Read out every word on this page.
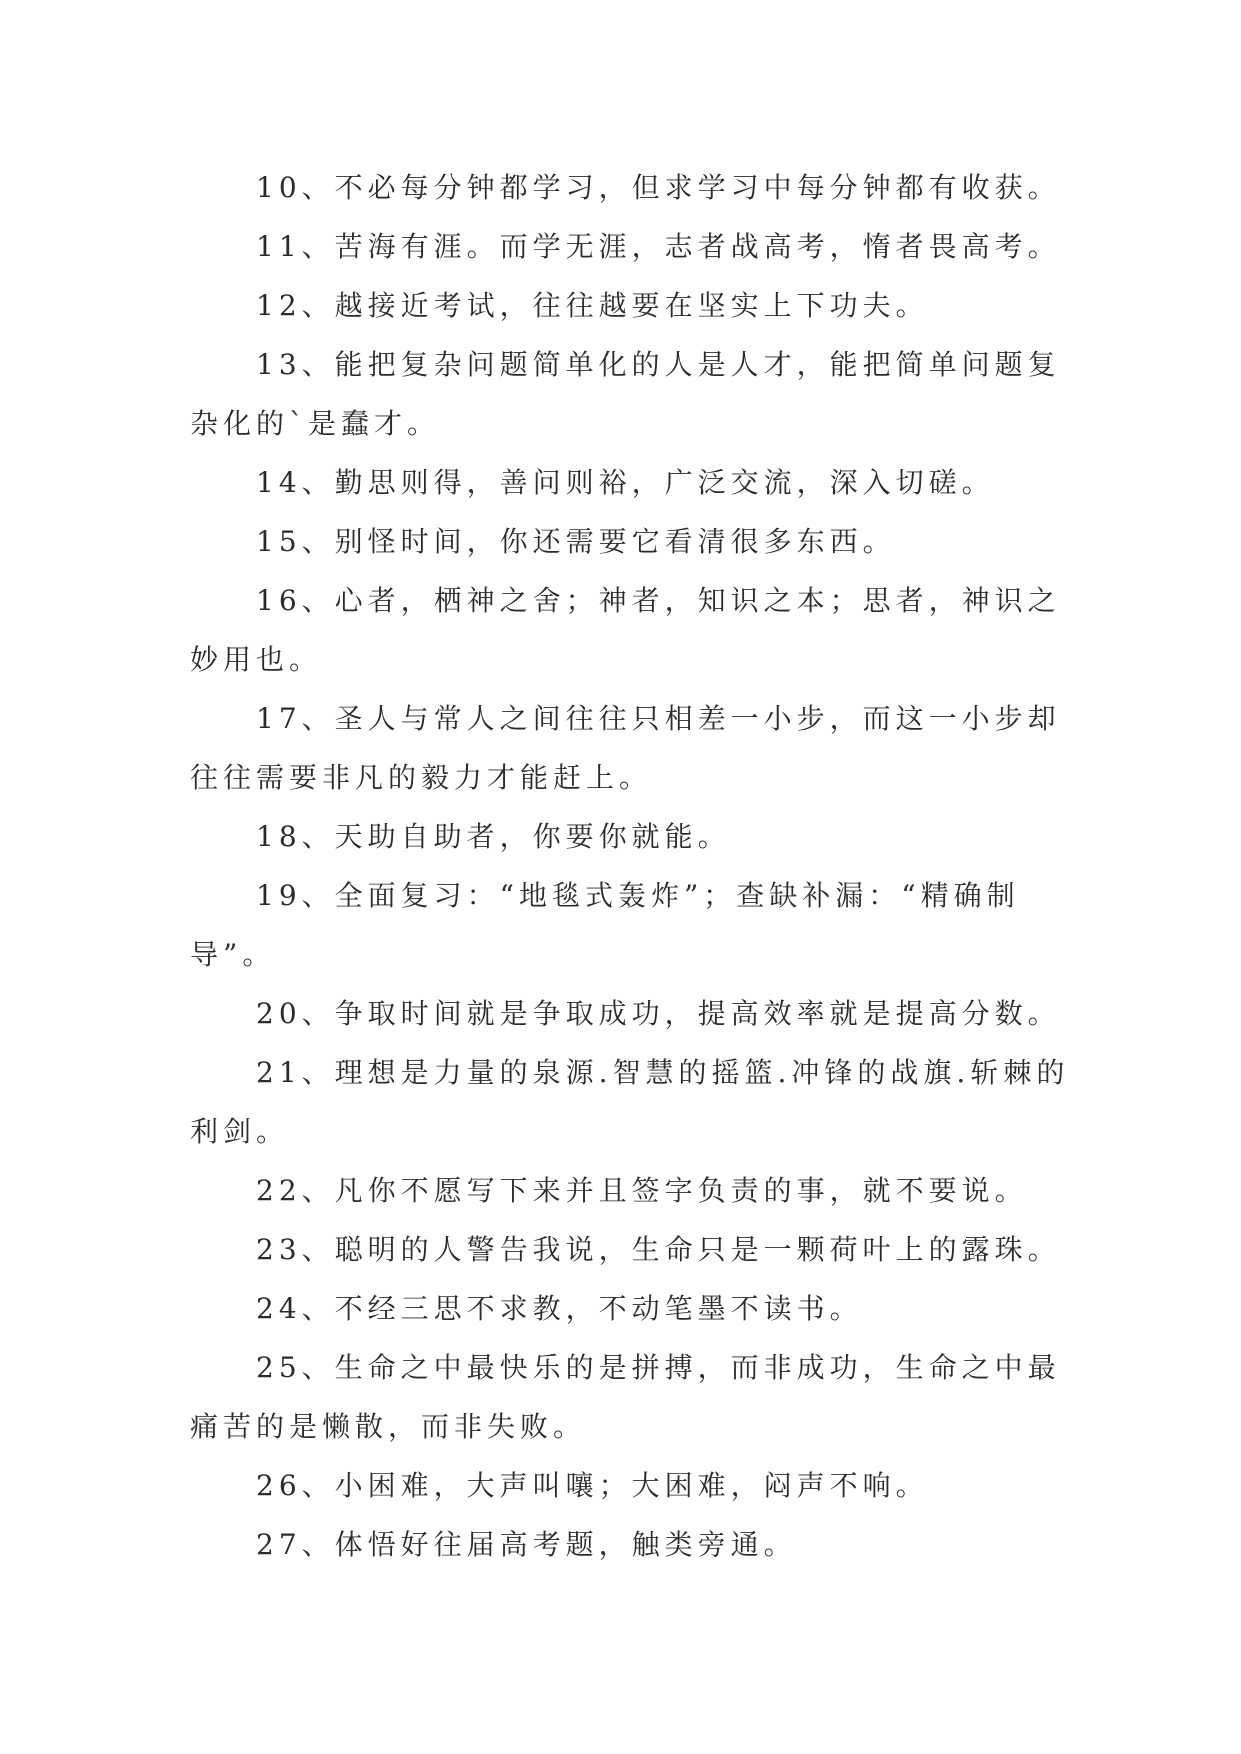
10、不必每分钟都学习，但求学习中每分钟都有收获。

11、苦海有涯。而学无涯，志者战高考，惰者畏高考。

12、越接近考试，往往越要在坚实上下功夫。

13、能把复杂问题简单化的人是人才，能把简单问题复杂化的`是蠢才。

14、勤思则得，善问则裕，广泛交流，深入切磋。

15、别怪时间，你还需要它看清很多东西。

16、心者，栖神之舍；神者，知识之本；思者，神识之妙用也。

17、圣人与常人之间往往只相差一小步，而这一小步却往往需要非凡的毅力才能赶上。

18、天助自助者，你要你就能。

19、全面复习：“地毯式轰炸”；查缺补漏：“精确制导”。

20、争取时间就是争取成功，提高效率就是提高分数。

21、理想是力量的泉源.智慧的摇篮.冲锋的战旗.斩棘的利剑。

22、凡你不愿写下来并且签字负责的事，就不要说。

23、聪明的人警告我说，生命只是一颗荷叶上的露珠。

24、不经三思不求教，不动笔墨不读书。

25、生命之中最快乐的是拼搏，而非成功，生命之中最痛苦的是懒散，而非失败。

26、小困难，大声叫嚷；大困难，闷声不响。

27、体悟好往届高考题，触类旁通。
